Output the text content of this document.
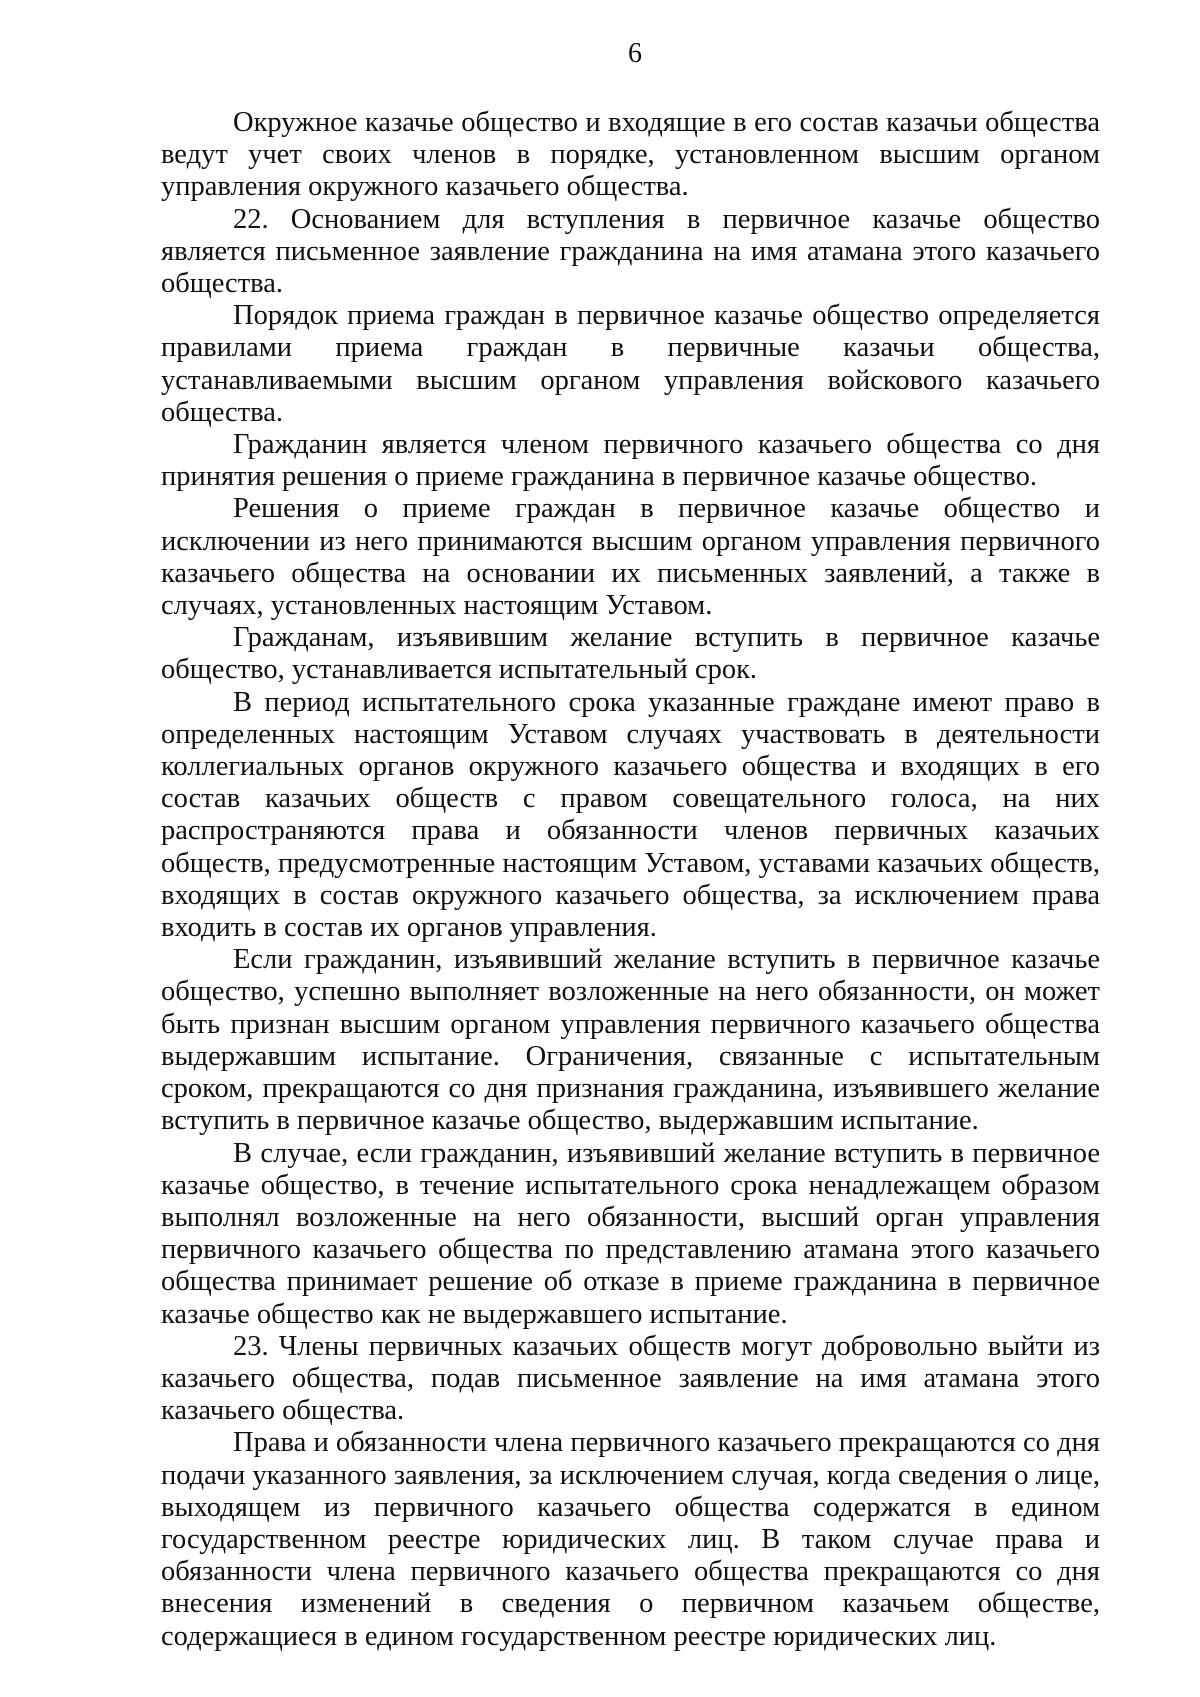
6

Окружное казачье общество и входящие в его состав казачьи общества ведут учет своих членов в порядке, установленном высшим органом управления окружного казачьего общества.

22. Основанием для вступления в первичное казачье общество является письменное заявление гражданина на имя атамана этого казачьего общества.

Порядок приема граждан в первичное казачье общество определяется правилами приема граждан в первичные казачьи общества, устанавливаемыми высшим органом управления войскового казачьего общества.

Гражданин является членом первичного казачьего общества со дня принятия решения о приеме гражданина в первичное казачье общество.

Решения о приеме граждан в первичное казачье общество и исключении из него принимаются высшим органом управления первичного казачьего общества на основании их письменных заявлений, а также в случаях, установленных настоящим Уставом.

Гражданам, изъявившим желание вступить в первичное казачье общество, устанавливается испытательный срок.

В период испытательного срока указанные граждане имеют право в определенных настоящим Уставом случаях участвовать в деятельности коллегиальных органов окружного казачьего общества и входящих в его состав казачьих обществ с правом совещательного голоса, на них распространяются права и обязанности членов первичных казачьих обществ, предусмотренные настоящим Уставом, уставами казачьих обществ, входящих в состав окружного казачьего общества, за исключением права входить в состав их органов управления.

Если гражданин, изъявивший желание вступить в первичное казачье общество, успешно выполняет возложенные на него обязанности, он может быть признан высшим органом управления первичного казачьего общества выдержавшим испытание. Ограничения, связанные с испытательным сроком, прекращаются со дня признания гражданина, изъявившего желание вступить в первичное казачье общество, выдержавшим испытание.

В случае, если гражданин, изъявивший желание вступить в первичное казачье общество, в течение испытательного срока ненадлежащем образом выполнял возложенные на него обязанности, высший орган управления первичного казачьего общества по представлению атамана этого казачьего общества принимает решение об отказе в приеме гражданина в первичное казачье общество как не выдержавшего испытание.

23. Члены первичных казачьих обществ могут добровольно выйти из казачьего общества, подав письменное заявление на имя атамана этого казачьего общества.

Права и обязанности члена первичного казачьего прекращаются со дня подачи указанного заявления, за исключением случая, когда сведения о лице, выходящем из первичного казачьего общества содержатся в едином государственном реестре юридических лиц. В таком случае права и обязанности члена первичного казачьего общества прекращаются со дня внесения изменений в сведения о первичном казачьем обществе, содержащиеся в едином государственном реестре юридических лиц.
